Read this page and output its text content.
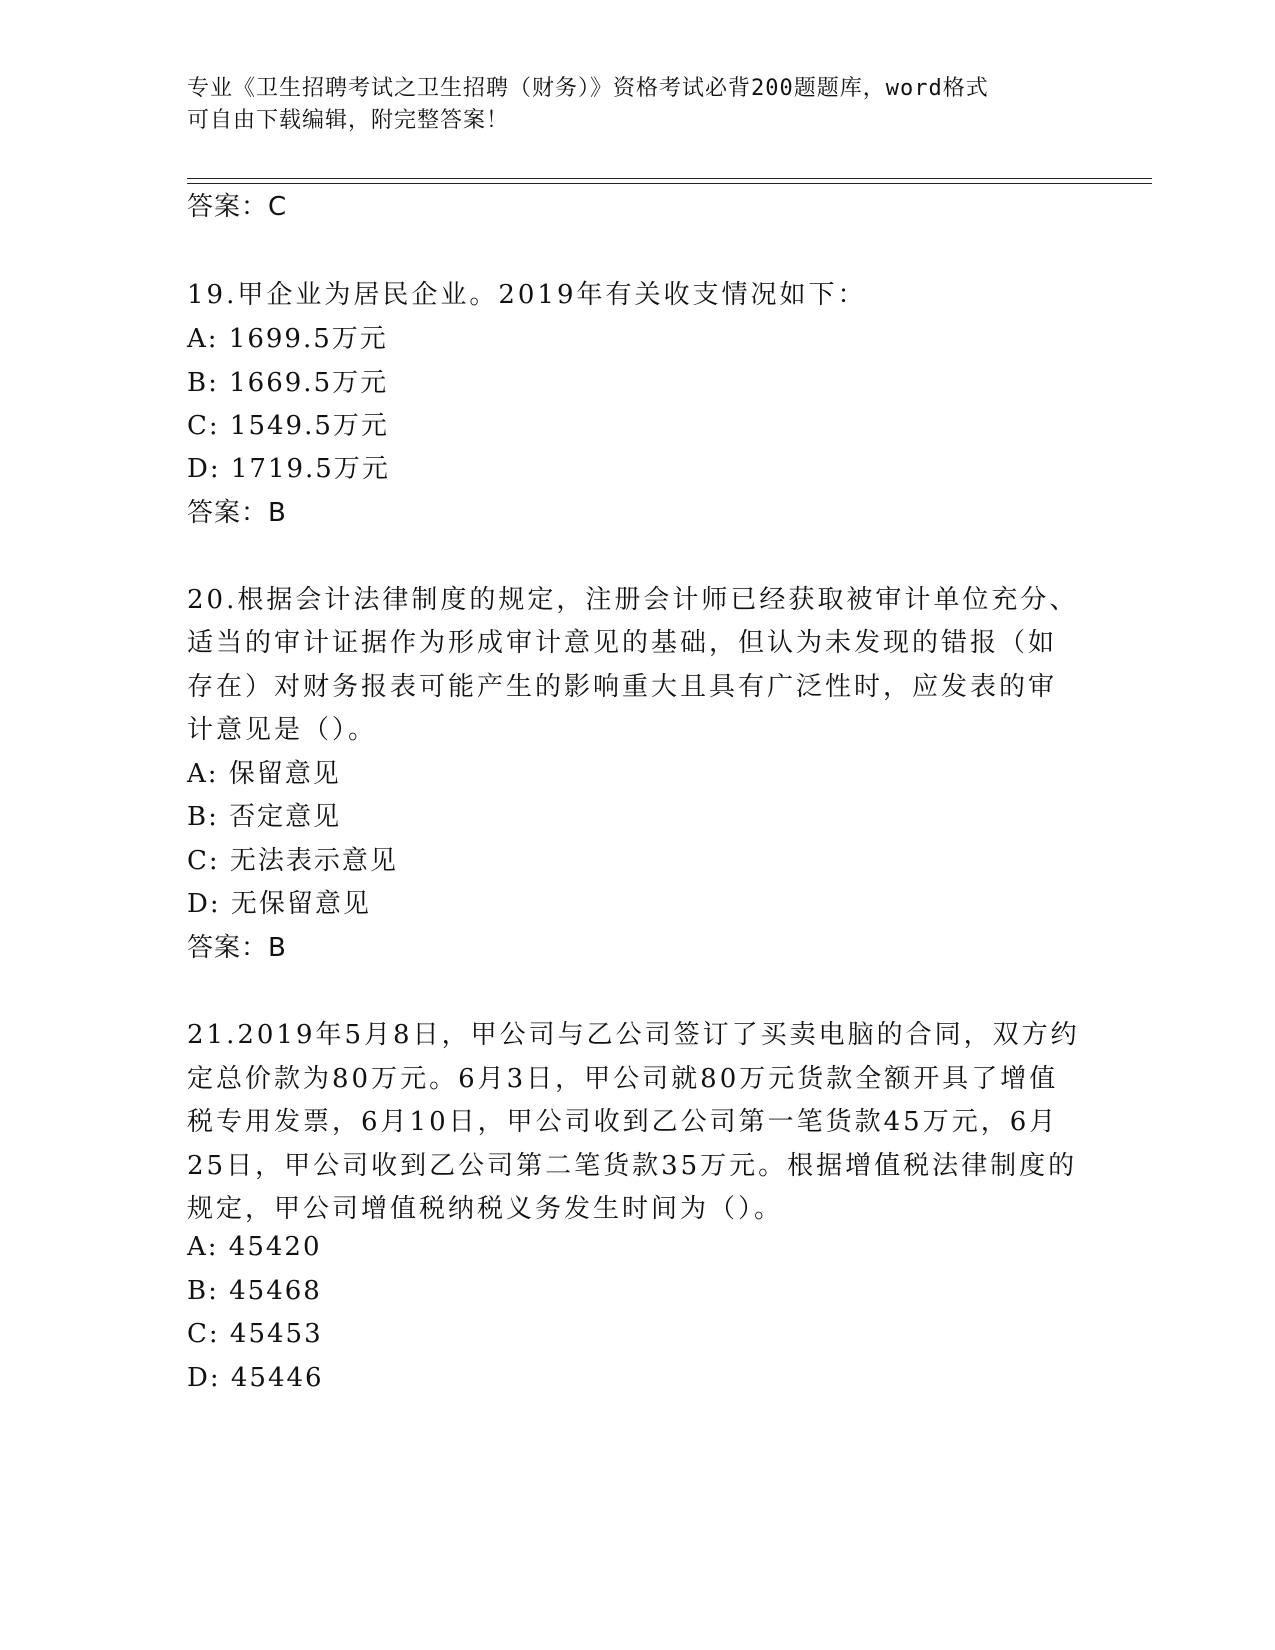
专业《卫生招聘考试之卫生招聘（财务）》资格考试必背200题题库，word格式
可自由下载编辑，附完整答案！
答案：C
19.甲企业为居民企业。2019年有关收支情况如下：
A: 1699.5万元
B: 1669.5万元
C: 1549.5万元
D: 1719.5万元
答案：B
20.根据会计法律制度的规定，注册会计师已经获取被审计单位充分、
适当的审计证据作为形成审计意见的基础，但认为未发现的错报（如
存在）对财务报表可能产生的影响重大且具有广泛性时，应发表的审
计意见是（）。
A: 保留意见
B: 否定意见
C: 无法表示意见
D: 无保留意见
答案：B
21.2019年5月8日，甲公司与乙公司签订了买卖电脑的合同，双方约
定总价款为80万元。6月3日，甲公司就80万元货款全额开具了增值
税专用发票，6月10日，甲公司收到乙公司第一笔货款45万元，6月
25日，甲公司收到乙公司第二笔货款35万元。根据增值税法律制度的
规定，甲公司增值税纳税义务发生时间为（）。
A: 45420
B: 45468
C: 45453
D: 45446
